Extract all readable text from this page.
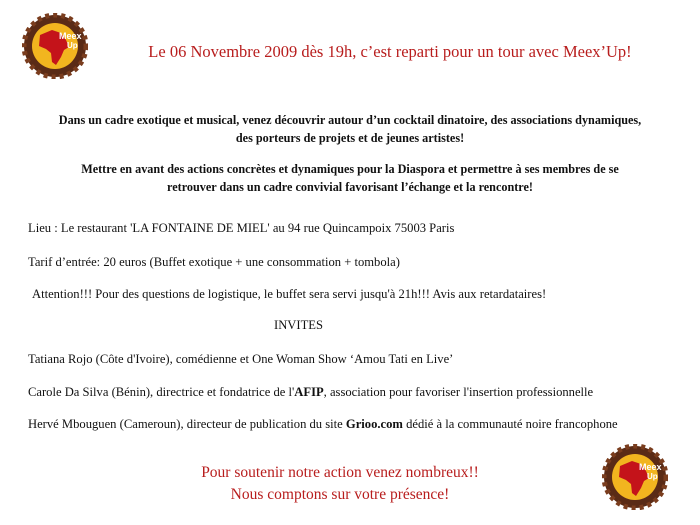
Meex
Up	Le 06 Novembre 2009 dès 19h, c’est reparti pour un tour avec Meex’Up!
Dans un cadre exotique et musical, venez découvrir autour d’un cocktail dinatoire, des associations dynamiques,
des porteurs de projets et de jeunes artistes!
Mettre en avant des actions concrètes et dynamiques pour la Diaspora et permettre à ses membres de se
retrouver dans un cadre convivial favorisant l’échange et la rencontre!

Lieu : Le restaurant 'LA FONTAINE DE MIEL' au 94 rue Quincampoix 75003 Paris

Tarif d’entrée: 20 euros (Buffet exotique + une consommation + tombola)

Attention!!! Pour des questions de logistique, le buffet sera servi jusqu'à 21h!!! Avis aux retardataires!

INVITES

Tatiana Rojo (Côte d'Ivoire), comédienne et One Woman Show ‘Amou Tati en Live’

Carole Da Silva (Bénin), directrice et fondatrice de l'AFIP, association pour favoriser l'insertion professionnelle

Hervé Mbouguen (Cameroun), directeur de publication du site Grioo.com dédié à la communauté noire francophone

Pour soutenir notre action venez nombreux!!

Nous comptons sur votre présence!

Meex
Up
